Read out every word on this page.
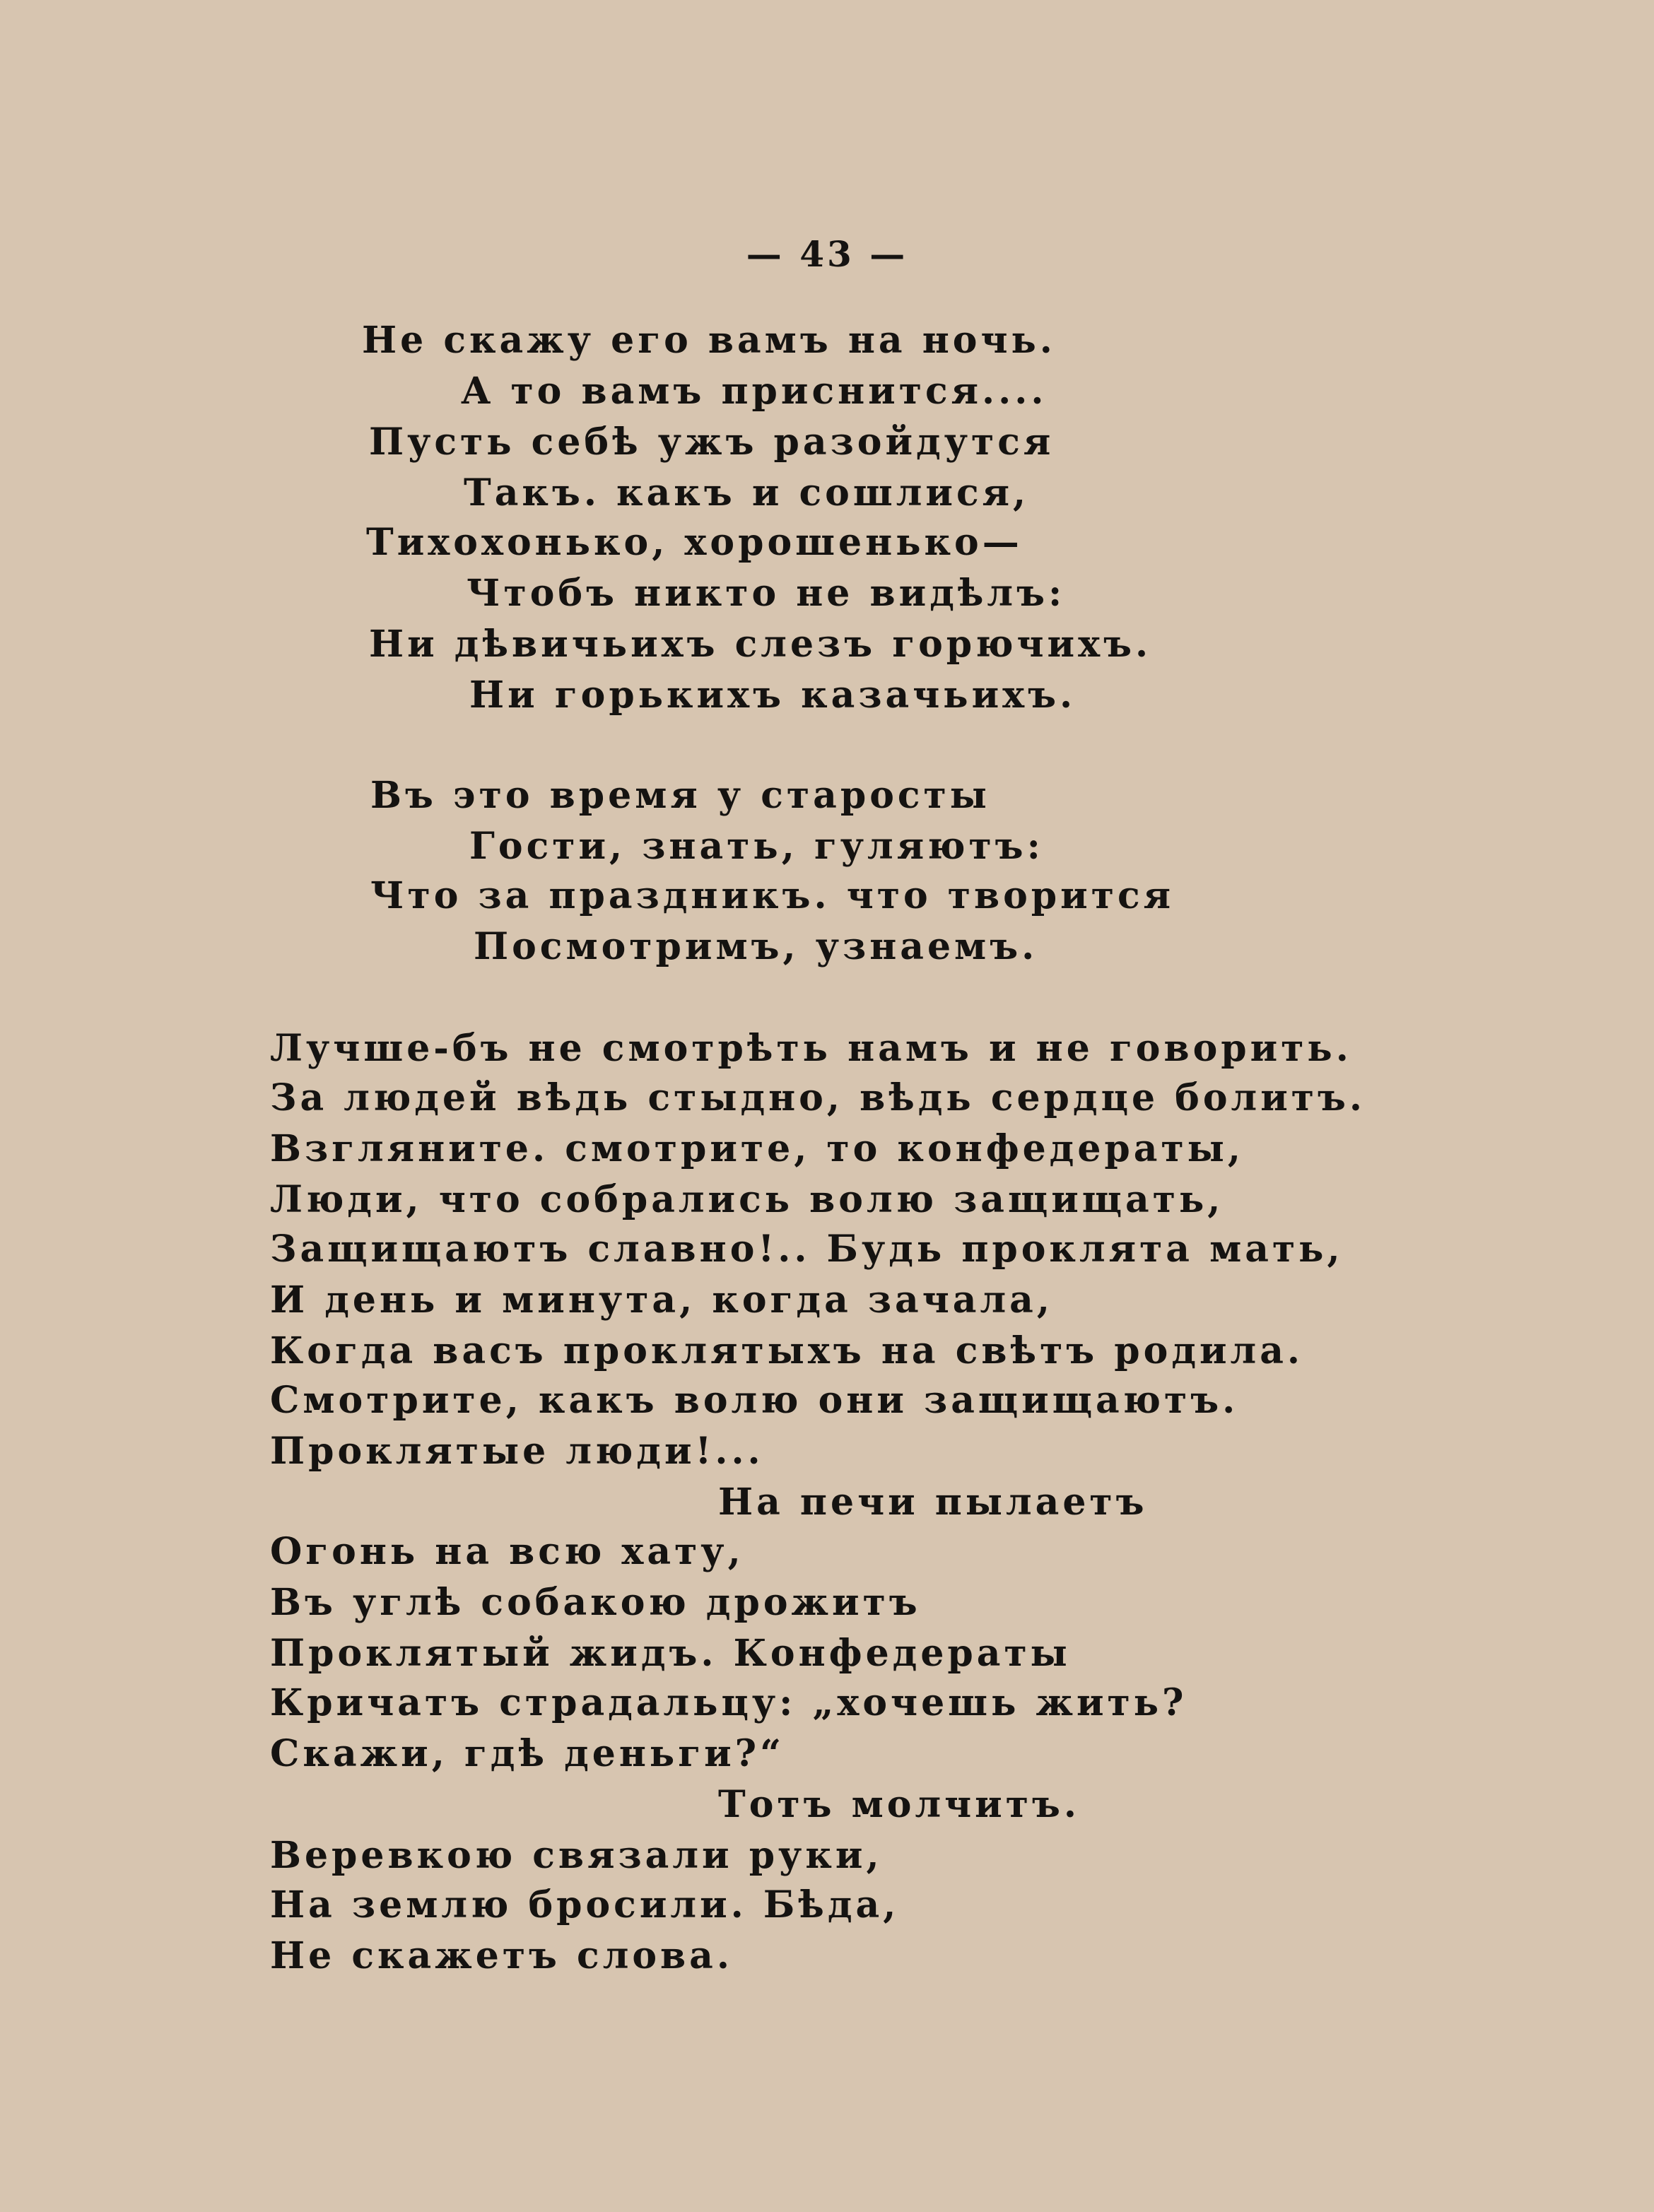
— 43 —
Не скажу его вамъ на ночь.
А то вамъ приснится....
Пусть себѣ ужъ разойдутся
Такъ. какъ и сошлися,
Тихохонько, хорошенько—
Чтобъ никто не видѣлъ:
Ни дѣвичьихъ слезъ горючихъ.
Ни горькихъ казачьихъ.
Въ это время у старосты
Гости, знать, гуляютъ:
Что за праздникъ. что творится
Посмотримъ, узнаемъ.
Лучше-бъ не смотрѣть намъ и не говорить.
За людей вѣдь стыдно, вѣдь сердце болитъ.
Взгляните. смотрите, то конфедераты,
Люди, что собрались волю защищать,
Защищаютъ славно!.. Будь проклята мать,
И день и минута, когда зачала,
Когда васъ проклятыхъ на свѣтъ родила.
Смотрите, какъ волю они защищаютъ.
Проклятые люди!...
На печи пылаетъ
Огонь на всю хату,
Въ углѣ собакою дрожитъ
Проклятый жидъ. Конфедераты
Кричатъ страдальцу: „хочешь жить?
Скажи, гдѣ деньги?“
Тотъ молчитъ.
Веревкою связали руки,
На землю бросили. Бѣда,
Не скажетъ слова.
